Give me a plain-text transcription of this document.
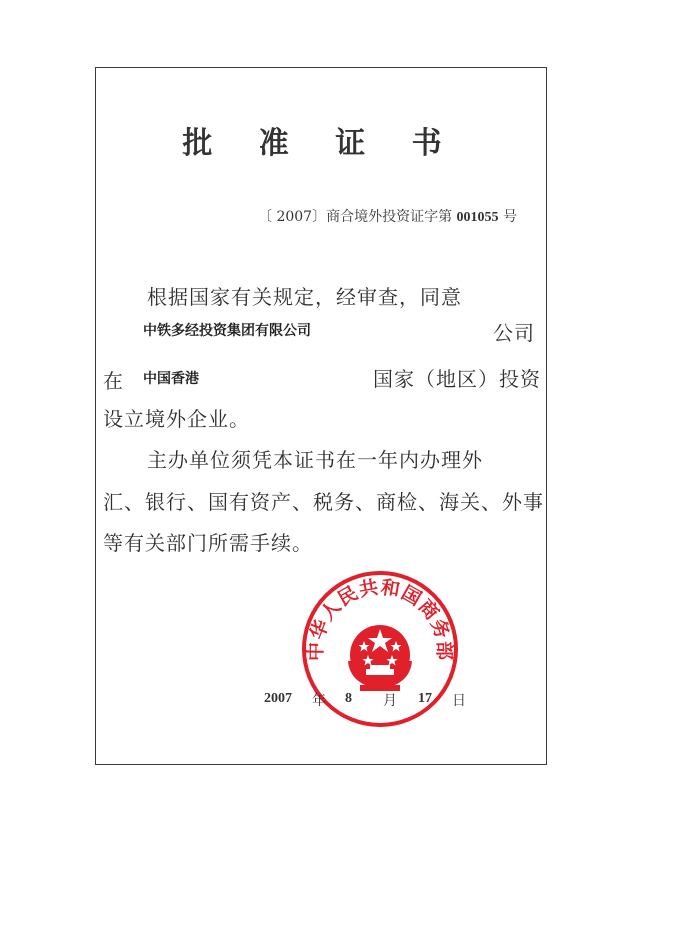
批 准 证 书
〔 2007〕商合境外投资证字第 001055 号
根据国家有关规定，经审查，同意
中铁多经投资集团有限公司	公司
在 中国香港	国家（地区）投资
设立境外企业。
主办单位须凭本证书在一年内办理外
汇、银行、国有资产、税务、商检、海关、外事
等有关部门所需手续。
中华人民共和国商务部
2007 年 8 月 17 日
